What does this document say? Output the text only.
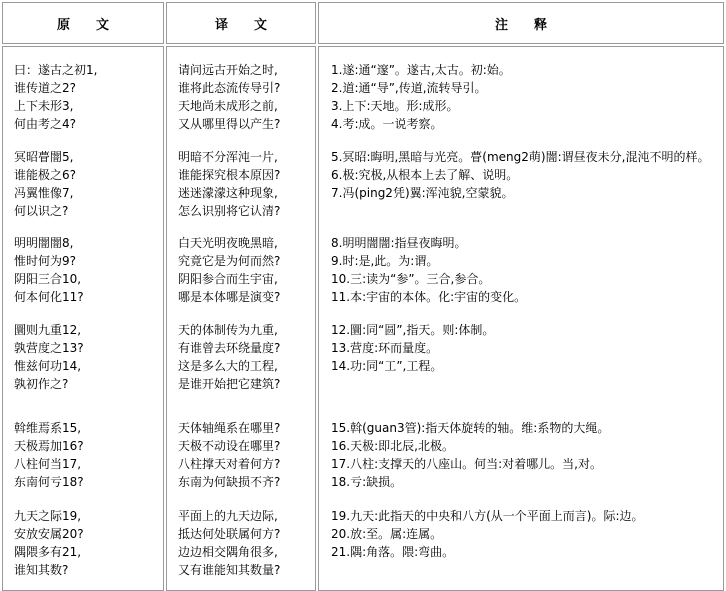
原　　文	译　　文	注　　释
曰：遂古之初1,
谁传道之2?
上下未形3,
何由考之4?
冥昭瞢闇5,
谁能极之6?
冯翼惟像7,
何以识之?
明明闇闇8,
惟时何为9?
阴阳三合10,
何本何化11?
圜则九重12,
孰营度之13?
惟兹何功14,
孰初作之?
斡维焉系15,
天极焉加16?
八柱何当17,
东南何亏18?
九天之际19,
安放安属20?
隅隈多有21,
谁知其数?
请问远古开始之时,
谁将此态流传导引?
天地尚未成形之前,
又从哪里得以产生?
明暗不分浑沌一片,
谁能探究根本原因?
迷迷濛濛这种现象,
怎么识别将它认清?
白天光明夜晚黑暗,
究竟它是为何而然?
阴阳参合而生宇宙,
哪是本体哪是演变?
天的体制传为九重,
有谁曾去环绕量度?
这是多么大的工程,
是谁开始把它建筑?
天体轴绳系在哪里?
天极不动设在哪里?
八柱撑天对着何方?
东南为何缺损不齐?
平面上的九天边际,
抵达何处联属何方?
边边相交隅角很多,
又有谁能知其数量?
1.遂:通“邃”。遂古,太古。初:始。
2.道:通“导”,传道,流转导引。
3.上下:天地。形:成形。
4.考:成。一说考察。
5.冥昭:晦明,黑暗与光亮。瞢(meng2萌)闇:谓昼夜未分,混沌不明的样。
6.极:究极,从根本上去了解、说明。
7.冯(ping2凭)翼:浑沌貌,空蒙貌。
8.明明闇闇:指昼夜晦明。
9.时:是,此。为:谓。
10.三:读为“参”。三合,参合。
11.本:宇宙的本体。化:宇宙的变化。
12.圜:同“圆”,指天。则:体制。
13.营度:环而量度。
14.功:同“工”,工程。
15.斡(guan3管):指天体旋转的轴。维:系物的大绳。
16.天极:即北辰,北极。
17.八柱:支撑天的八座山。何当:对着哪儿。当,对。
18.亏:缺损。
19.九天:此指天的中央和八方(从一个平面上而言)。际:边。
20.放:至。属:连属。
21.隅:角落。隈:弯曲。
